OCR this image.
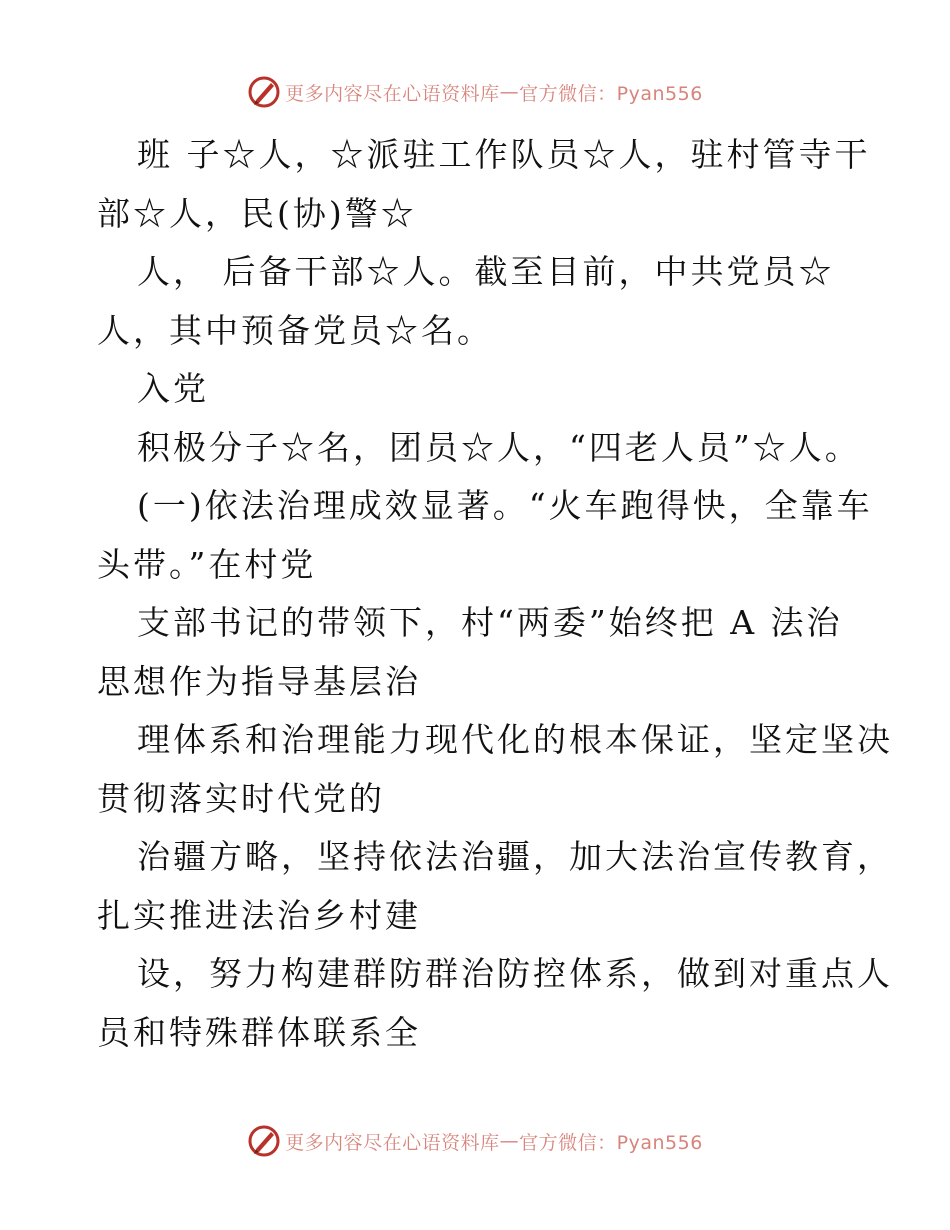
更多内容尽在心语资料库 — 官方微信：Pyan556
班 子☆人，☆派驻工作队员☆人，驻村管寺干
部☆人，民(协)警☆
人， 后备干部☆人。截至目前，中共党员☆
人，其中预备党员☆名。
入党
积极分子☆名，团员☆人，“四老人员”☆人。
(一)依法治理成效显著。“火车跑得快，全靠车
头带。”在村党
支部书记的带领下，村“两委”始终把 A 法治
思想作为指导基层治
理体系和治理能力现代化的根本保证，坚定坚决
贯彻落实时代党的
治疆方略，坚持依法治疆，加大法治宣传教育，
扎实推进法治乡村建
设，努力构建群防群治防控体系，做到对重点人
员和特殊群体联系全
更多内容尽在心语资料库 — 官方微信：Pyan556
